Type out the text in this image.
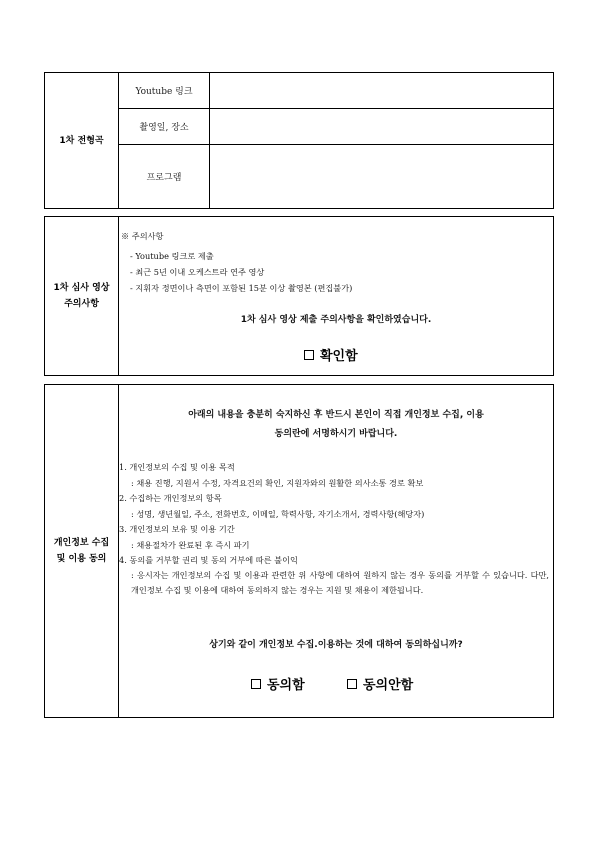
1차 전형곡
Youtube 링크
촬영일, 장소
프로그램
1차 심사 영상
주의사항
※ 주의사항
- Youtube 링크로 제출
- 최근 5년 이내 오케스트라 연주 영상
- 지휘자 정면이나 측면이 포함된 15분 이상 촬영본 (편집불가)
1차 심사 영상 제출 주의사항을 확인하였습니다.
확인함
개인정보 수집
및 이용 동의
아래의 내용을 충분히 숙지하신 후 반드시 본인이 직접 개인정보 수집, 이용
동의란에 서명하시기 바랍니다.
1. 개인정보의 수집 및 이용 목적
: 채용 진행, 지원서 수정, 자격요건의 확인, 지원자와의 원활한 의사소통 경로 확보
2. 수집하는 개인정보의 항목
: 성명, 생년월일, 주소, 전화번호, 이메일, 학력사항, 자기소개서, 경력사항(해당자)
3. 개인정보의 보유 및 이용 기간
: 채용절차가 완료된 후 즉시 파기
4. 동의를 거부할 권리 및 동의 거부에 따른 불이익
: 응시자는 개인정보의 수집 및 이용과 관련한 위 사항에 대하여 원하지 않는 경우 동의를 거부할 수 있습니다. 다만, 개인정보 수집 및 이용에 대하여 동의하지 않는 경우는 지원 및 채용이 제한됩니다.
상기와 같이 개인정보 수집.이용하는 것에 대하여 동의하십니까?
동의함	동의안함
